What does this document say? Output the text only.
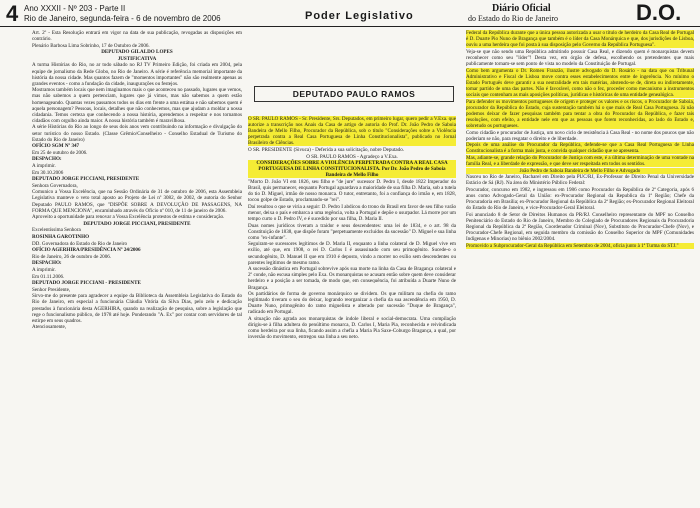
4 Ano XXXII - Nº 203 - Parte II
Rio de Janeiro, segunda-feira - 6 de novembro de 2006	Poder Legislativo
Diário Oficial
do Estado do Rio de Janeiro	D.O.

Art. 2º - Esta Resolução entrará em vigor na data de sua publicação, revogadas as disposições em contrário.

Plenário Barbosa Lima Sobrinho, 17 de Outubro de 2006.

DEPUTADO GILALDO LOPES

JUSTIFICATIVA

A turma Histórias do Rio, no ar todo sábado no RJ TV Primeiro Edição, foi criada em 2004, pela equipe de jornalismo da Rede Globo, no Rio de Janeiro. A série é referência memorial importante da história da nossa cidade. Mas quantos fazem de "momentos importantes" não são realmente apenas as grandes eventos - como a fundação da cidade, inaugurações ou festejos.

Mostramos também locais que nem imaginamos mais o que aconteceu no passado, lugares que vemos, mas não sabemos a quem pertenciam, lugares que já vimos, mas não sabemos a quem estão homenageando. Quantas vezes passamos todos os dias em frente a uma estátua e não sabemos quem é aquela personagem? Pessoas, locais, detalhes que não conhecemos, mas que ajudam a moldar a nossa cidadania. Temos certeza que conhecendo a nossa história, aprendemos a respeitar e nos tornamos cidadãos com orgulho ainda maior. A nossa história também é maravilhosa.

A série Histórias do Rio ao longo de seus dois anos vem contribuindo na informação e divulgação do setor turístico do nosso Estado. (Classe Grêmio/Conselheiro - Conselho Estadual de Turismo do Estado do Rio de Janeiro)

OFÍCIO SGM Nº 347

Em 25 de outubro de 2006.

DESPACHO:

A imprimir.

Em 30.10.2006

DEPUTADO JORGE PICCIANI, PRESIDENTE

Senhora Governadora,

Comunico a Vossa Excelência, que na Sessão Ordinária de 31 de outubro de 2006, esta Assembleia Legislativa manteve o veto total aposto ao Projeto de Lei nº 3082, de 2002, de autoria do Senhor Deputado PAULO RAMOS, que "DISPÕE SOBRE A DEVOLUÇÃO DE PASSAGENS, NA FORMA QUE MENCIONA", encaminhado através do Ofício nº 010, de 11 de janeiro de 2006.

Aproveito a oportunidade para renovar a Vossa Excelência protestos de estima e consideração.

DEPUTADO JORGE PICCIANI, PRESIDENTE

Excelentíssima Senhora

ROSINHA GAROTINHO

DD. Governadora do Estado do Rio de Janeiro

OFÍCIO AGERHIRA/PRESIDÊNCIA Nº 24/2006

Rio de Janeiro, 26 de outubro de 2006.

DESPACHO:

A imprimir.

Em 01.11.2006.

DEPUTADO JORGE PICCIANI - PRESIDENTE

Senhor Presidente,

Sirvo-me do presente para agradecer a equipe da Biblioteca da Assembleia Legislativa do Estado do Rio de Janeiro, em especial a funcionária Cláudia Vitória da Silva Dias, pelo zelo e dedicação prestados à funcionária desta AGERHIRA, quando na realização de pesquisa, sobre a legislação que rege o funcionalismo público, de 1978 até hoje. Ponderando "A. Ex" por contar com servidores de tal estirpe em seus quadros.

Atenciosamente,

DEPUTADO PAULO RAMOS

O SR. PAULO RAMOS - Sr. Presidente, Srs. Deputados, em primeiro lugar, quero pedir a V.Exa. que autorize a transcrição nos Anais da Casa de artigo de autoria do Prof. Dr. João Pedro de Saboia Bandeira de Mello Filho, Procurador da República, sob o título "Considerações sobre a Violência perpetrada contra a Real Casa Portuguesa de Linha Constitucionalista", publicado no Jornal Brasileiro de Ciências.

O SR. PRESIDENTE (Sivuca) - Deferida a sua solicitação, nobre Deputado.

O SR. PAULO RAMOS - Agradeço a V.Exa.

CONSIDERAÇÕES SOBRE A VIOLÊNCIA PERPETRADA CONTRA A REAL CASA PORTUGUESA DE LINHA CONSTITUCIONALISTA. Por Dr. João Pedro de Saboia Bandeira de Mello Filho

"Morto D. João VI em 1826, seu filho e "de jure" sucessor D. Pedro I, desde 1822 Imperador do Brasil, quis permanecer, enquanto Portugal aguardava a maioridade de sua filha D. Maria, sob a tutela do tio D. Miguel, irmão de nosso monarca. O tutor, entretanto, foi a confiança do irmão e, em 1828, tocou golpe de Estado, proclamando-se "rei".

Daí resultou o que se viria a seguir: D. Pedro I abdicou do trono do Brasil em favor de seu filho varão menor, deixa o país e embarca a uma regência, volta a Portugal e depõe o usurpador. Lá morre por um tempo curto o D. Pedro IV, e é sucedido por sua filha, D. Maria II.

Duas nomes jurídicos tiveram a traidor e seus descendentes: uma lei de 1834, e o art. 98 da Constituição de 1838, que dispõe foram "perpetuamente excluídos da sucessão" D. Miguel e sua linha como "ex-infante".

Seguiram-se sucessores legítimos de D. Maria II, enquanto a linha colateral de D. Miguel vive em exílio, até que, em 1908, o rei D. Carlos I é assassinado com seu primogênito. Sucede-o o secundogênito, D. Manuel II que em 1910 é deposto, vindo a morrer no exílio sem descendentes ou parentes legítimos de mesmo ramo.

A sucessão dinástica em Portugal sobrevive após sua morte na linha da Casa de Bragança colateral e 2º conde, não escusa simples pelo Exa. Os monarquistas se acusam então sobre quem deve considerar herdeiro e a posição a ser tomada, de modo que, em consequência, foi atribuída a Duarte Nuno de Bragança.

Os partidários de forma de governo monárquico se dividem. Os que militam na chefia do ramo legitimado tiveram o seu do deixar, logrando reorganizar a chefia da sua ascendência em 1950, D. Duarte Nuno, primogênito do ramo miguelista e alterado por sucessão "Duque de Bragança", radicado em Portugal.

A situação não agrada aos monarquistas de índole liberal e social-democrata. Uma compilação dirigiu-se à filha adultera do penúltimo monarca, D. Carlos I, Maria Pia, reconhecida e reivindicada como herdeira por sua linha, ficando assim a chefia a Maria Pia Saxe-Coburgo Bragança, a qual, por inversão do movimento, entregou sua linha a seu neto.

Federal da República durante que a única pessoa autorizada a usar o título de herdeiro da Casa Real de Portugal é D. Duarte Pio Nuno de Bragança que também é o líder da Casa Monárquica e que, dos jurisdições de Lisboa, ouviu a uma herdeira que foi posta à sua disposição pelo Governo da República Portuguesa".

Veja-se que não sendo uma República admitindo possuir Casa Real, e dizendo quem é monarquistas devem reconhecer como seu "líder"! Desta vez, em órgão de defesa, escolhendo os pretendentes que mais publicamente tornam-se sem ponto de vista no modelo da Constituição de Portugal.

Como bem argumenta o Dr. Romeu Franzão, ilustre advogado do D. Rosário - na data que ou Tribunal Administrativo e Fiscal de Lisboa move contra esses estabelecimentos entre de ingerência. No mínimo o Estado Português deve garantir a sua neutralidade em tais matérias, abstendo-se de, direta ou indiretamente, tomar partido de uma das partes. Não é favorável, como não o fez, proceder como mecanismo a instrumentos sociais que contenham as mais aposições políticas, jurídicas e históricas de uma entidade genealógica.

Para defender os movimentos portugueses de origem e proteger os valores e os riscos, o Procurador de Saboia, procurador da República do Estado, cuja sustentação também há o que mais de Real Casa Portuguesa. Já não podemos deixar de fazer pesquisas também para tentar a obra do Procurador da República, e fazer tais resoluções, com efeito, a entidade nele em que as pessoas que forem reconhecidas, ao lado do Estado e, sobretudo os portugueses.

Como cidadão e procurador de Justiça, um novo ciclo de resistência à Casa Real - no nome dos poucos que não poderiam se não, para resgatar o direito e de liberdade.

Depois de uma análise do Procurador da República, defende-se que a Casa Real Portuguesa de Linha Constitucionalista é a forma mais justa, e convida qualquer cidadão que se apresenta.

Mas, adiante-se, grande relação do Procurador de Justiça com este, é a última determinação de uma vontade na família Real, e a liberdade de expressão, e que deve ser respeitada em todos os sentidos.

João Pedro de Saboia Bandeira de Mello Filho e Advogado

Nasceu no Rio de Janeiro, Bacharel em Direito pela PUC/RJ, Ex-Professor de Direito Penal da Universidade Estácio de Sá (RJ). Na área do Ministério Público Federal:

Procurador, concurso em 1982, e ingressou em 1986 como Procurador da República de 2ª Categoria, após 6 anos como Advogado-Geral da União: ex-Procurador Regional da Republica da 1ª Região; Chefe da Procuradoria em Brasília; ex-Procurador Regional da República da 2ª Região; ex-Procurador Regional Eleitoral do Estado do Rio de Janeiro, e vice-Procurador-Geral Eleitoral.

Foi anunciado 8 de Setor de Direitos Humanos da PR/RJ. Conselheiro representante do MPF no Conselho Penitenciário do Estado do Rio de Janeiro, Membro do Colegiado de Procuradores Regionais da Procuradoria Regional da República da 2ª Região, Coordenador Criminal (Nov), Substituto do Procurador-Chefe (Nov), e Procurador-Chefe Regional, em seguida membro da comissão do Conselho Superior do MPF (Comunidades Indígenas e Minorias) no biênio 2002/2004.

Promovido a Subprocurador-Geral da República em Setembro de 2004, oficia junto à 1ª Turma do STJ."
